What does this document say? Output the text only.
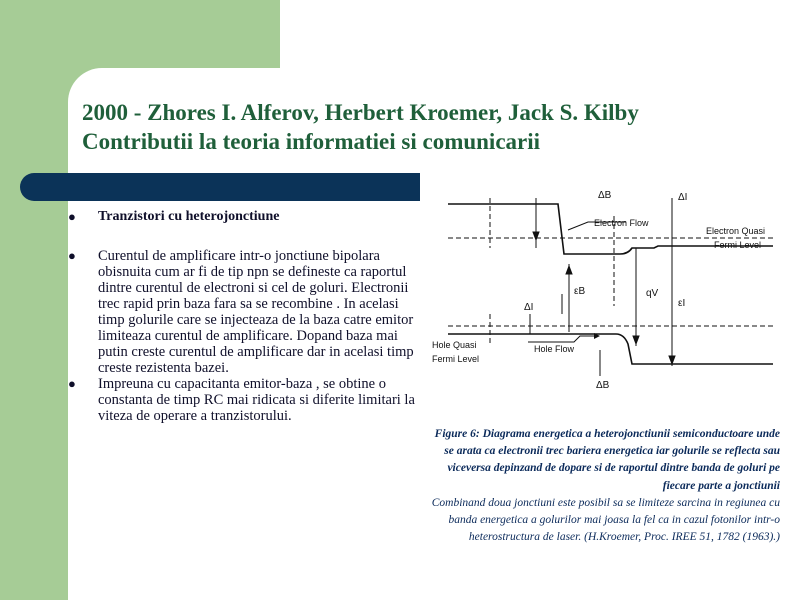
2000 - Zhores I. Alferov, Herbert Kroemer, Jack S. Kilby
Contributii la teoria informatiei si comunicarii
● Tranzistori cu heterojonctiune
● Curentul de amplificare intr-o jonctiune bipolara obisnuita cum ar fi de tip npn se defineste ca raportul dintre curentul de electroni si cel de goluri. Electronii trec rapid prin baza fara sa se recombine . In acelasi timp golurile care se injecteaza de la baza catre emitor limiteaza curentul de amplificare. Dopand baza mai putin creste curentul de amplificare dar in acelasi timp creste rezistenta bazei.
● Impreuna cu capacitanta emitor-baza , se obtine o constanta de timp RC mai ridicata si diferite limitari la viteza de operare a tranzistorului.
ΔB	ΔI
Electron Flow
Electron Quasi
Fermi Level
εB	qV
εI
ΔI
Hole Quasi
Fermi Level
Hole Flow
ΔB
Figure 6: Diagrama energetica a heterojonctiunii semiconductoare unde se arata ca electronii trec bariera energetica iar golurile se reflecta sau viceversa depinzand de dopare si de raportul dintre banda de goluri pe fiecare parte a jonctiunii
Combinand doua jonctiuni este posibil sa se limiteze sarcina in regiunea cu banda energetica a golurilor mai joasa la fel ca in cazul fotonilor intr-o heterostructura de laser. (H.Kroemer, Proc. IREE 51, 1782 (1963).)
